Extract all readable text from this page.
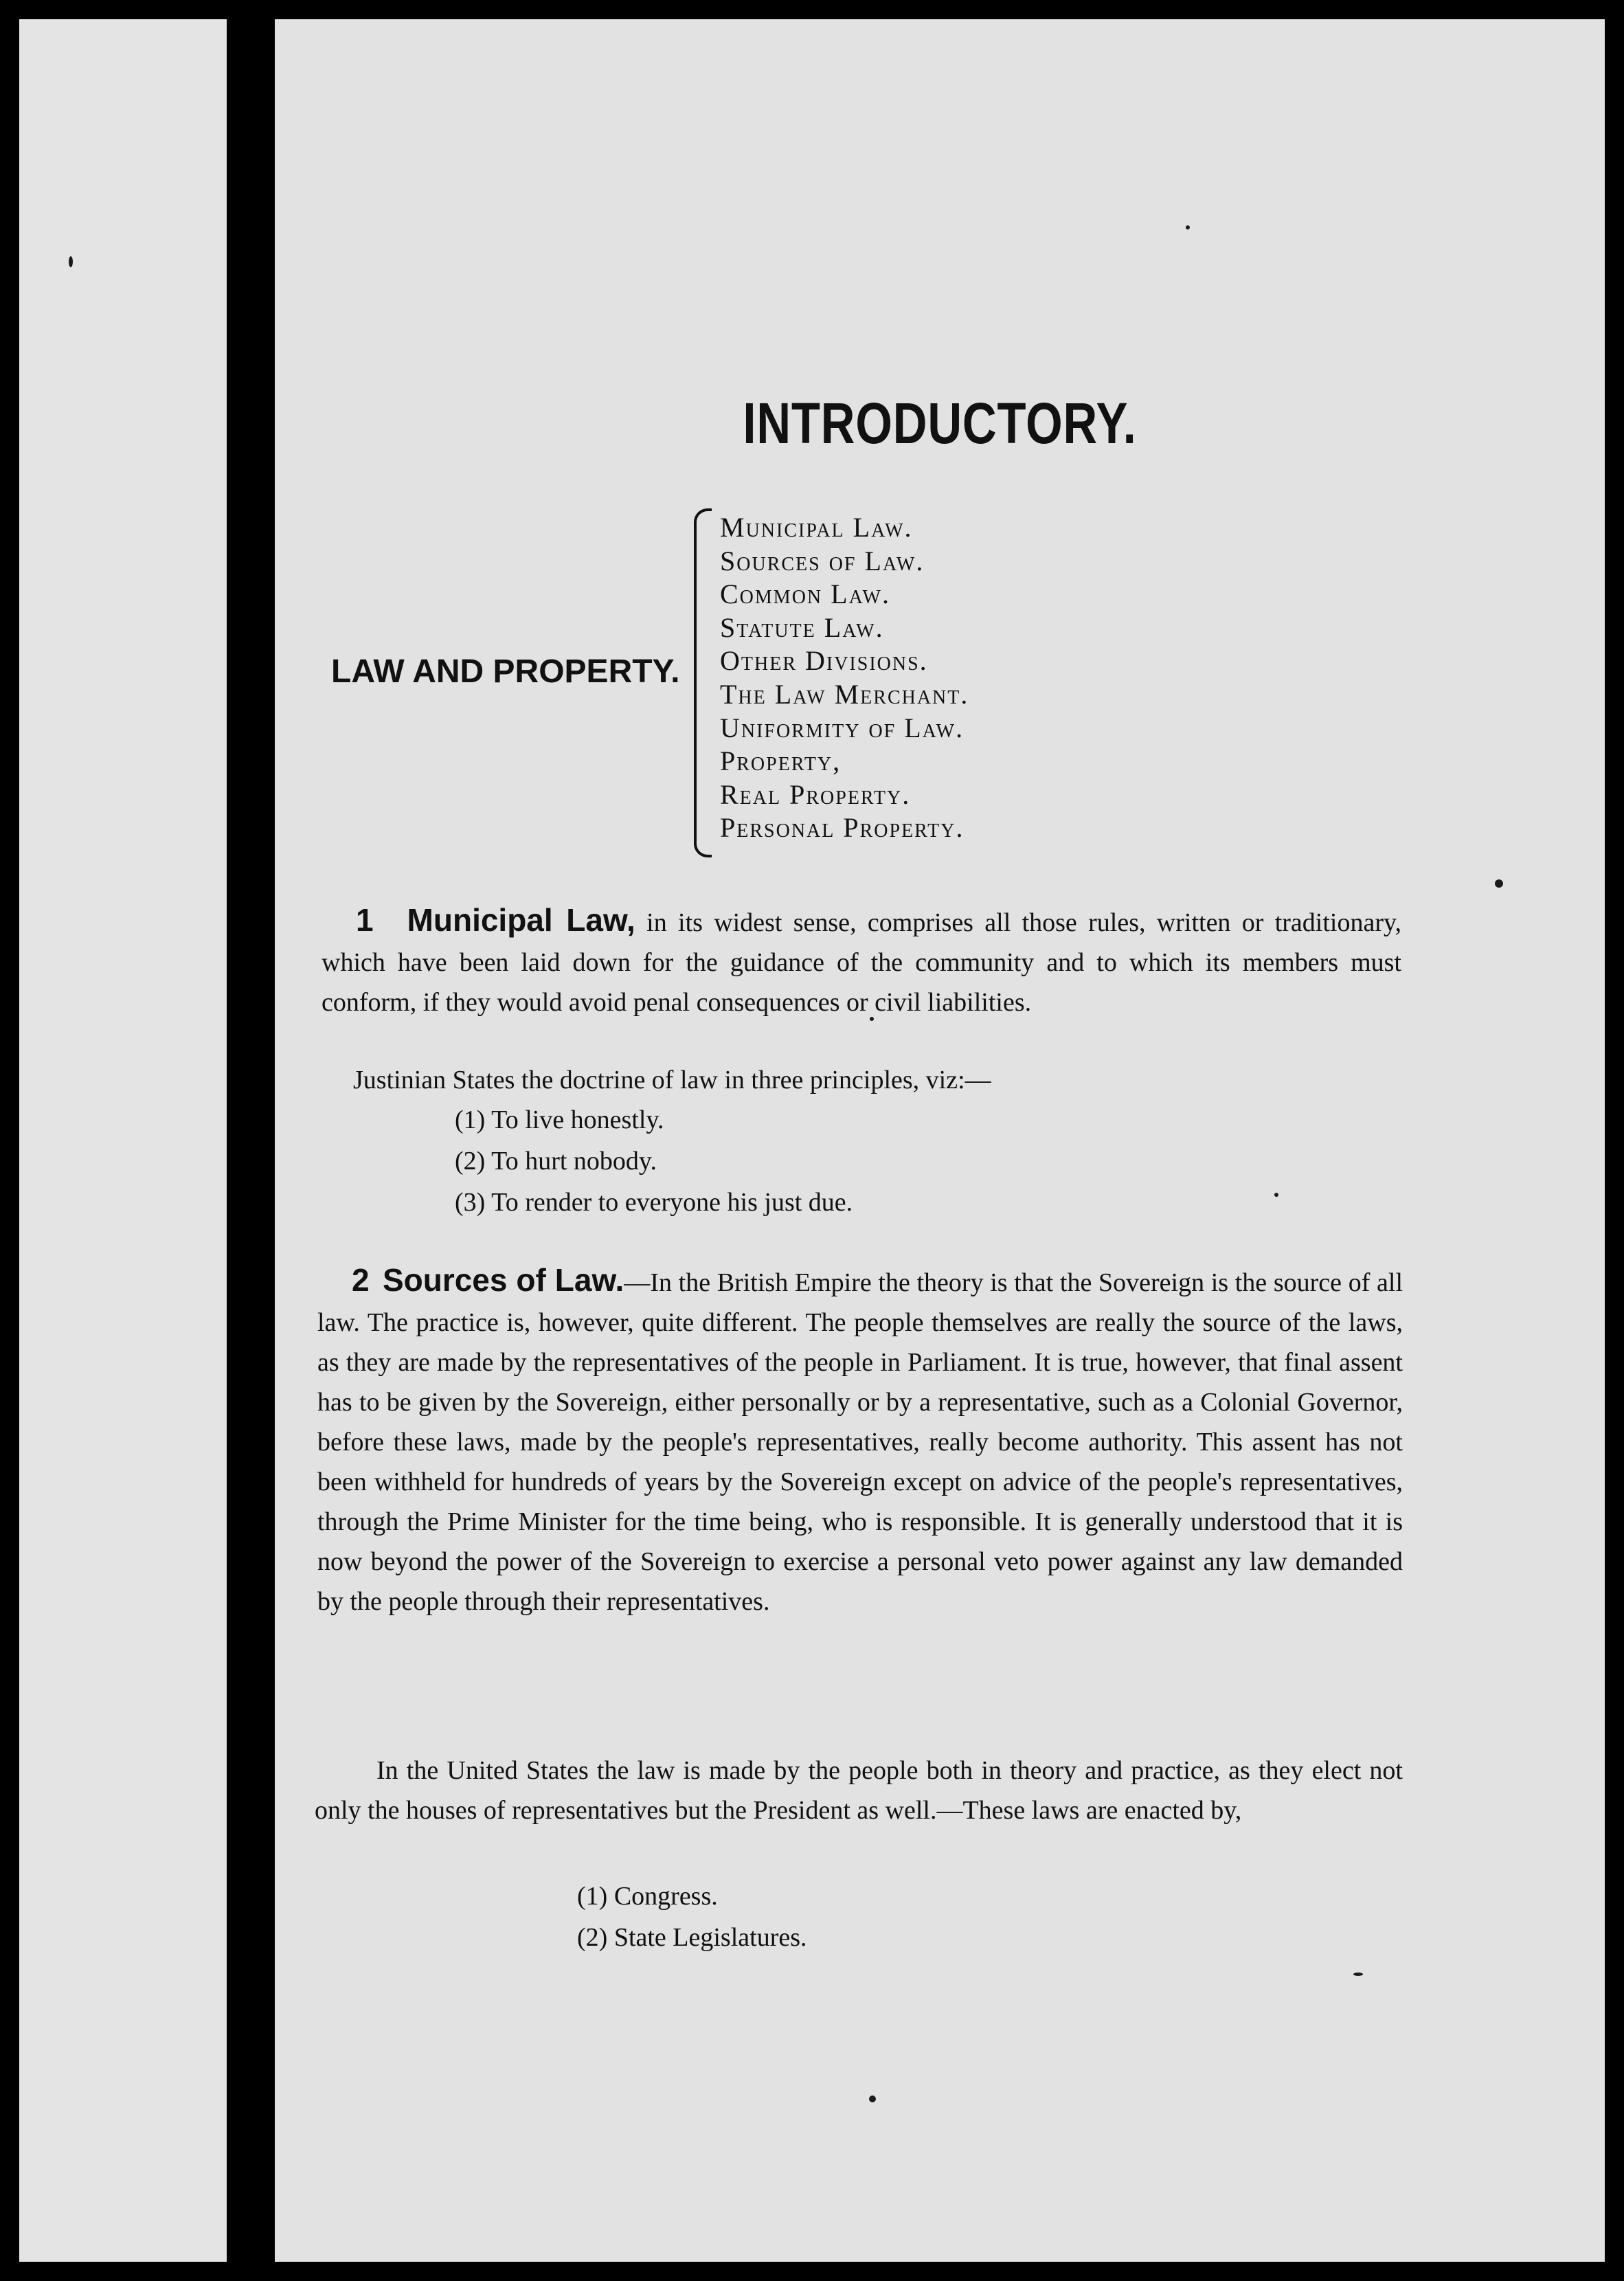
INTRODUCTORY.
LAW AND PROPERTY.
Municipal Law.
Sources of Law.
Common Law.
Statute Law.
Other Divisions.
The Law Merchant.
Uniformity of Law.
Property,
Real Property.
Personal Property.

1 Municipal Law, in its widest sense, comprises all those rules, written or traditionary, which have been laid down for the guidance of the community and to which its members must conform, if they would avoid penal consequences or civil liabilities.

Justinian States the doctrine of law in three principles, viz:—
(1) To live honestly.
(2) To hurt nobody.
(3) To render to everyone his just due.

2 Sources of Law.—In the British Empire the theory is that the Sovereign is the source of all law. The practice is, however, quite different. The people themselves are really the source of the laws, as they are made by the representatives of the people in Parliament. It is true, however, that final assent has to be given by the Sovereign, either personally or by a representative, such as a Colonial Governor, before these laws, made by the people's representatives, really become authority. This assent has not been withheld for hundreds of years by the Sovereign except on advice of the people's representatives, through the Prime Minister for the time being, who is responsible. It is generally understood that it is now beyond the power of the Sovereign to exercise a personal veto power against any law demanded by the people through their representatives.

In the United States the law is made by the people both in theory and practice, as they elect not only the houses of representatives but the President as well.—These laws are enacted by,

(1) Congress.
(2) State Legislatures.
